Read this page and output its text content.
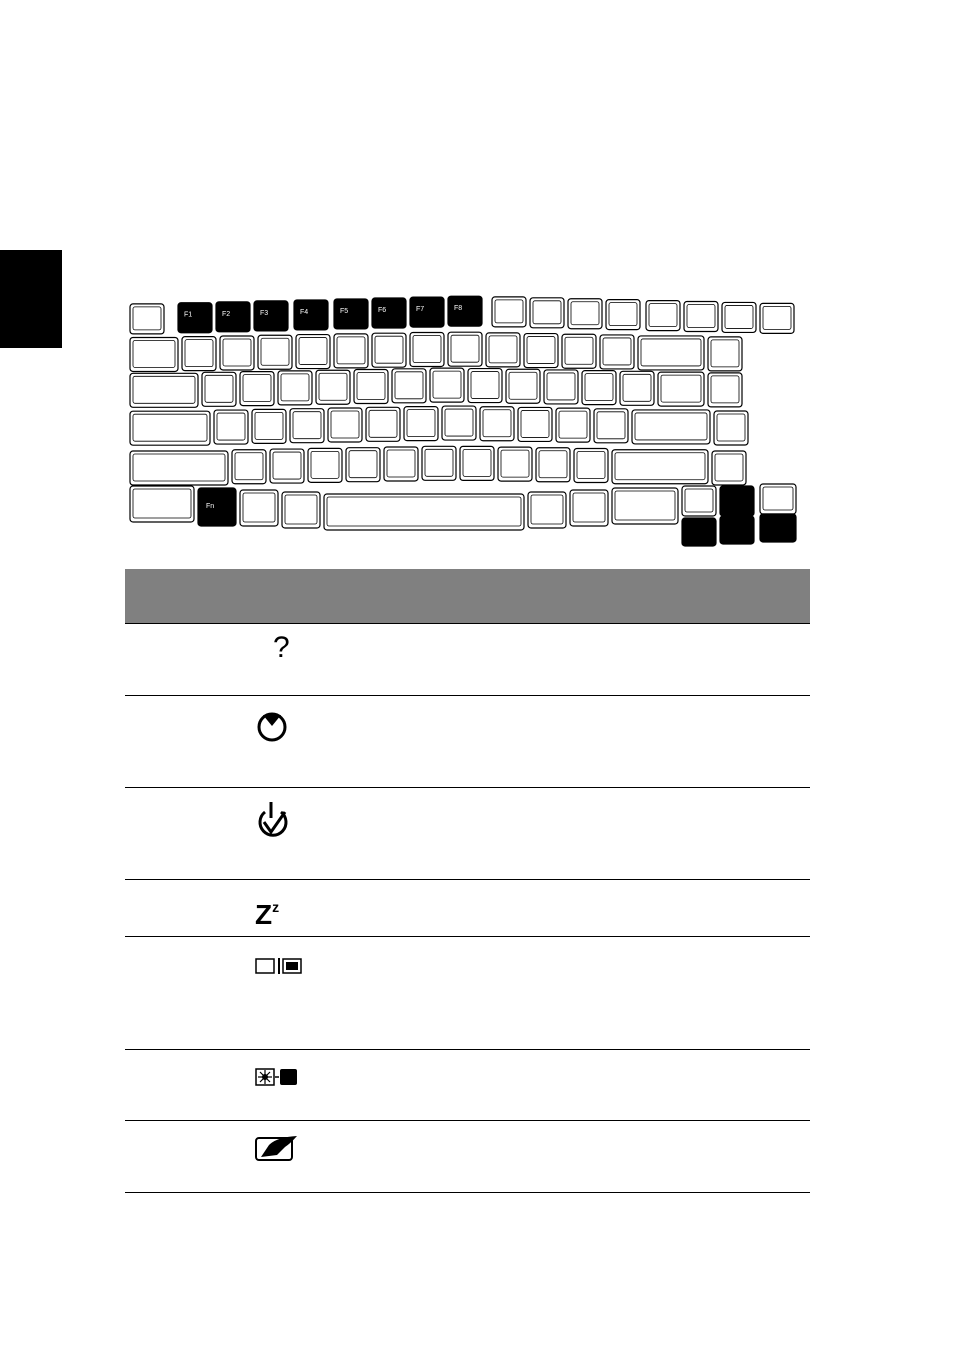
F1	F2	F3	F4	F5	F6	F7	F8
Fn
?
$Z^z$
